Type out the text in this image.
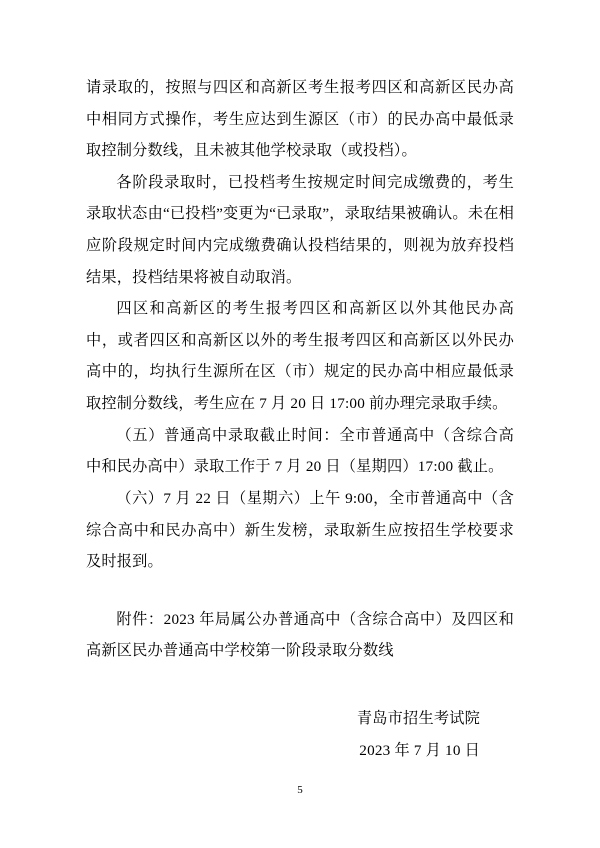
请录取的，按照与四区和高新区考生报考四区和高新区民办高中相同方式操作，考生应达到生源区（市）的民办高中最低录取控制分数线，且未被其他学校录取（或投档）。

各阶段录取时，已投档考生按规定时间完成缴费的，考生录取状态由“已投档”变更为“已录取”，录取结果被确认。未在相应阶段规定时间内完成缴费确认投档结果的，则视为放弃投档结果，投档结果将被自动取消。

四区和高新区的考生报考四区和高新区以外其他民办高中，或者四区和高新区以外的考生报考四区和高新区以外民办高中的，均执行生源所在区（市）规定的民办高中相应最低录取控制分数线，考生应在 7 月 20 日 17:00 前办理完录取手续。

（五）普通高中录取截止时间：全市普通高中（含综合高中和民办高中）录取工作于 7 月 20 日（星期四）17:00 截止。

（六）7 月 22 日（星期六）上午 9:00，全市普通高中（含综合高中和民办高中）新生发榜，录取新生应按招生学校要求及时报到。

附件：2023 年局属公办普通高中（含综合高中）及四区和高新区民办普通高中学校第一阶段录取分数线

青岛市招生考试院

2023 年 7 月 10 日

5
